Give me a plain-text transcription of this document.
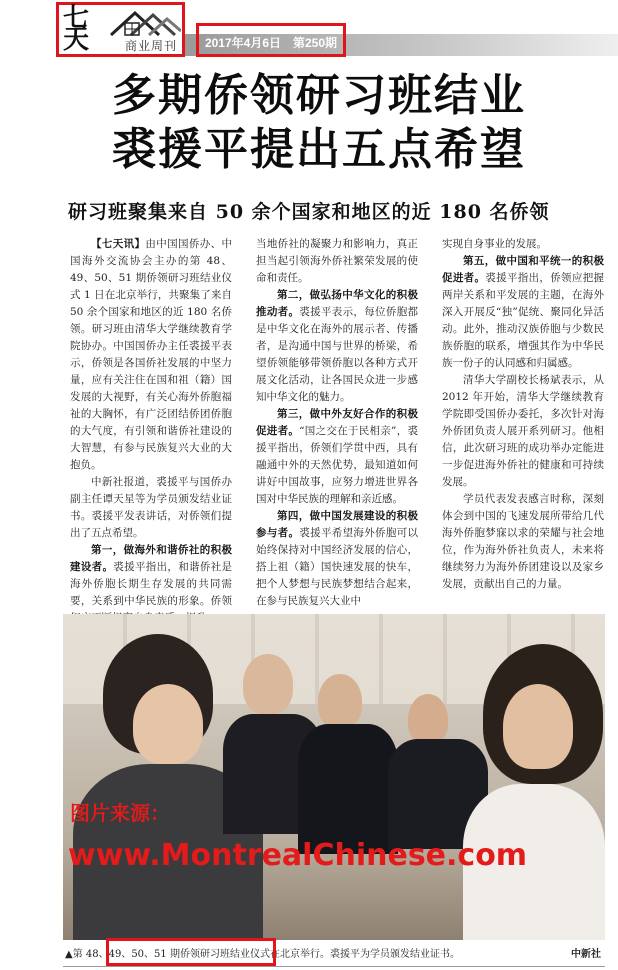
七天	商业周刊 2017年4月6日　第250期
多期侨领研习班结业
裘援平提出五点希望
研习班聚集来自 50 余个国家和地区的近 180 名侨领

【七天讯】由中国国侨办、中国海外交流协会主办的第 48、49、50、51 期侨领研习班结业仪式 1 日在北京举行，共聚集了来自 50 余个国家和地区的近 180 名侨领。研习班由清华大学继续教育学院协办。中国国侨办主任裘援平表示，侨领是各国侨社发展的中坚力量，应有关注住在国和祖（籍）国发展的大视野，有关心海外侨胞福祉的大胸怀，有广泛团结侨团侨胞的大气度，有引领和谐侨社建设的大智慧，有参与民族复兴大业的大抱负。

中新社报道，裘援平与国侨办副主任谭天星等为学员颁发结业证书。裘援平发表讲话，对侨领们提出了五点希望。

第一，做海外和谐侨社的积极建设者。裘援平指出，和谐侨社是海外侨胞长期生存发展的共同需要，关系到中华民族的形象。侨领

当地侨社的凝聚力和影响力，真正担当起引领海外侨社繁荣发展的使命和责任。

第二，做弘扬中华文化的积极推动者。裘援平表示，每位侨胞都是中华文化在海外的展示者、传播者，是沟通中国与世界的桥梁，希望侨领能够带领侨胞以各种方式开展文化活动，让各国民众进一步感知中华文化的魅力。

第三，做中外友好合作的积极促进者。“国之交在于民相亲”，裘援平指出，侨领们学贯中西，具有融通中外的天然优势，最知道如何讲好中国故事，应努力增进世界各国对中华民族的理解和亲近感。

第四，做中国发展建设的积极参与者。裘援平希望海外侨胞可以始终保持对中国经济发展的信心，搭上祖（籍）国快速发展的快车，把个人梦想与民族梦想结合起来，在参与民族复兴大业中

实现自身事业的发展。

第五，做中国和平统一的积极促进者。裘援平指出，侨领应把握两岸关系和平发展的主题，在海外深入开展反“独”促统、聚同化异活动。此外，推动汉族侨胞与少数民族侨胞的联系，增强其作为中华民族一份子的认同感和归属感。

清华大学副校长杨斌表示，从 2012 年开始，清华大学继续教育学院即受国侨办委托，多次针对海外侨团负责人展开系列研习。他相信，此次研习班的成功举办定能进一步促进海外侨社的健康和可持续发展。

学员代表发表感言时称，深刻体会到中国的飞速发展所带给几代海外侨胞梦寐以求的荣耀与社会地位，作为海外侨社负责人，未来将继续努力为海外侨团建设以及家乡发展，贡献出自己的力量。

图片来源：
www.MontrealChinese.com
▲第 48、49、50、51 期侨领研习班结业仪式在北京举行。裘援平为学员颁发结业证书。	中新社
